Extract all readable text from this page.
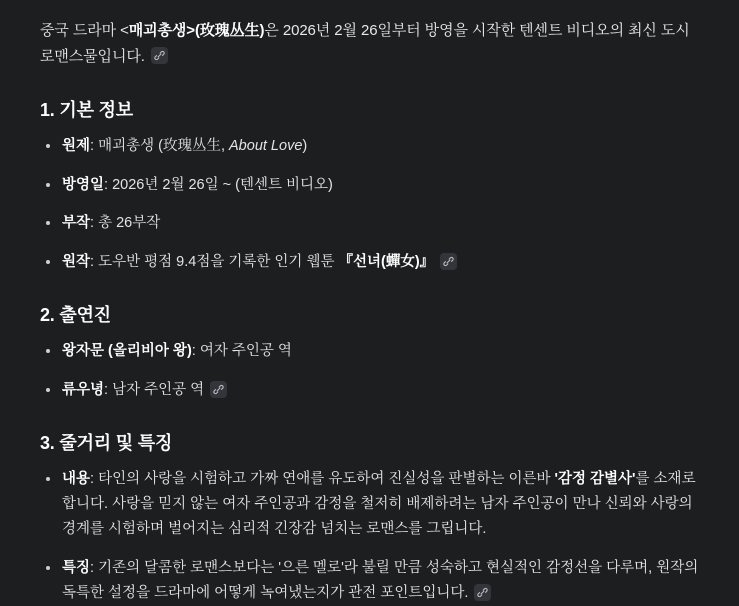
중국 드라마 <매괴총생>(玫瑰丛生)은 2026년 2월 26일부터 방영을 시작한 텐센트 비디오의 최신 도시 로맨스물입니다.

1. 기본 정보
원제: 매괴총생 (玫瑰丛生, About Love)
방영일: 2026년 2월 26일 ~ (텐센트 비디오)
부작: 총 26부작
원작: 도우반 평점 9.4점을 기록한 인기 웹툰 『선녀(蟬女)』
2. 출연진
왕자문 (올리비아 왕): 여자 주인공 역
류우녕: 남자 주인공 역
3. 줄거리 및 특징
내용: 타인의 사랑을 시험하고 가짜 연애를 유도하여 진실성을 판별하는 이른바 '감정 감별사'를 소재로 합니다. 사랑을 믿지 않는 여자 주인공과 감정을 철저히 배제하려는 남자 주인공이 만나 신뢰와 사랑의 경계를 시험하며 벌어지는 심리적 긴장감 넘치는 로맨스를 그립니다.
특징: 기존의 달콤한 로맨스보다는 '으른 멜로'라 불릴 만큼 성숙하고 현실적인 감정선을 다루며, 원작의 독특한 설정을 드라마에 어떻게 녹여냈는지가 관전 포인트입니다.
